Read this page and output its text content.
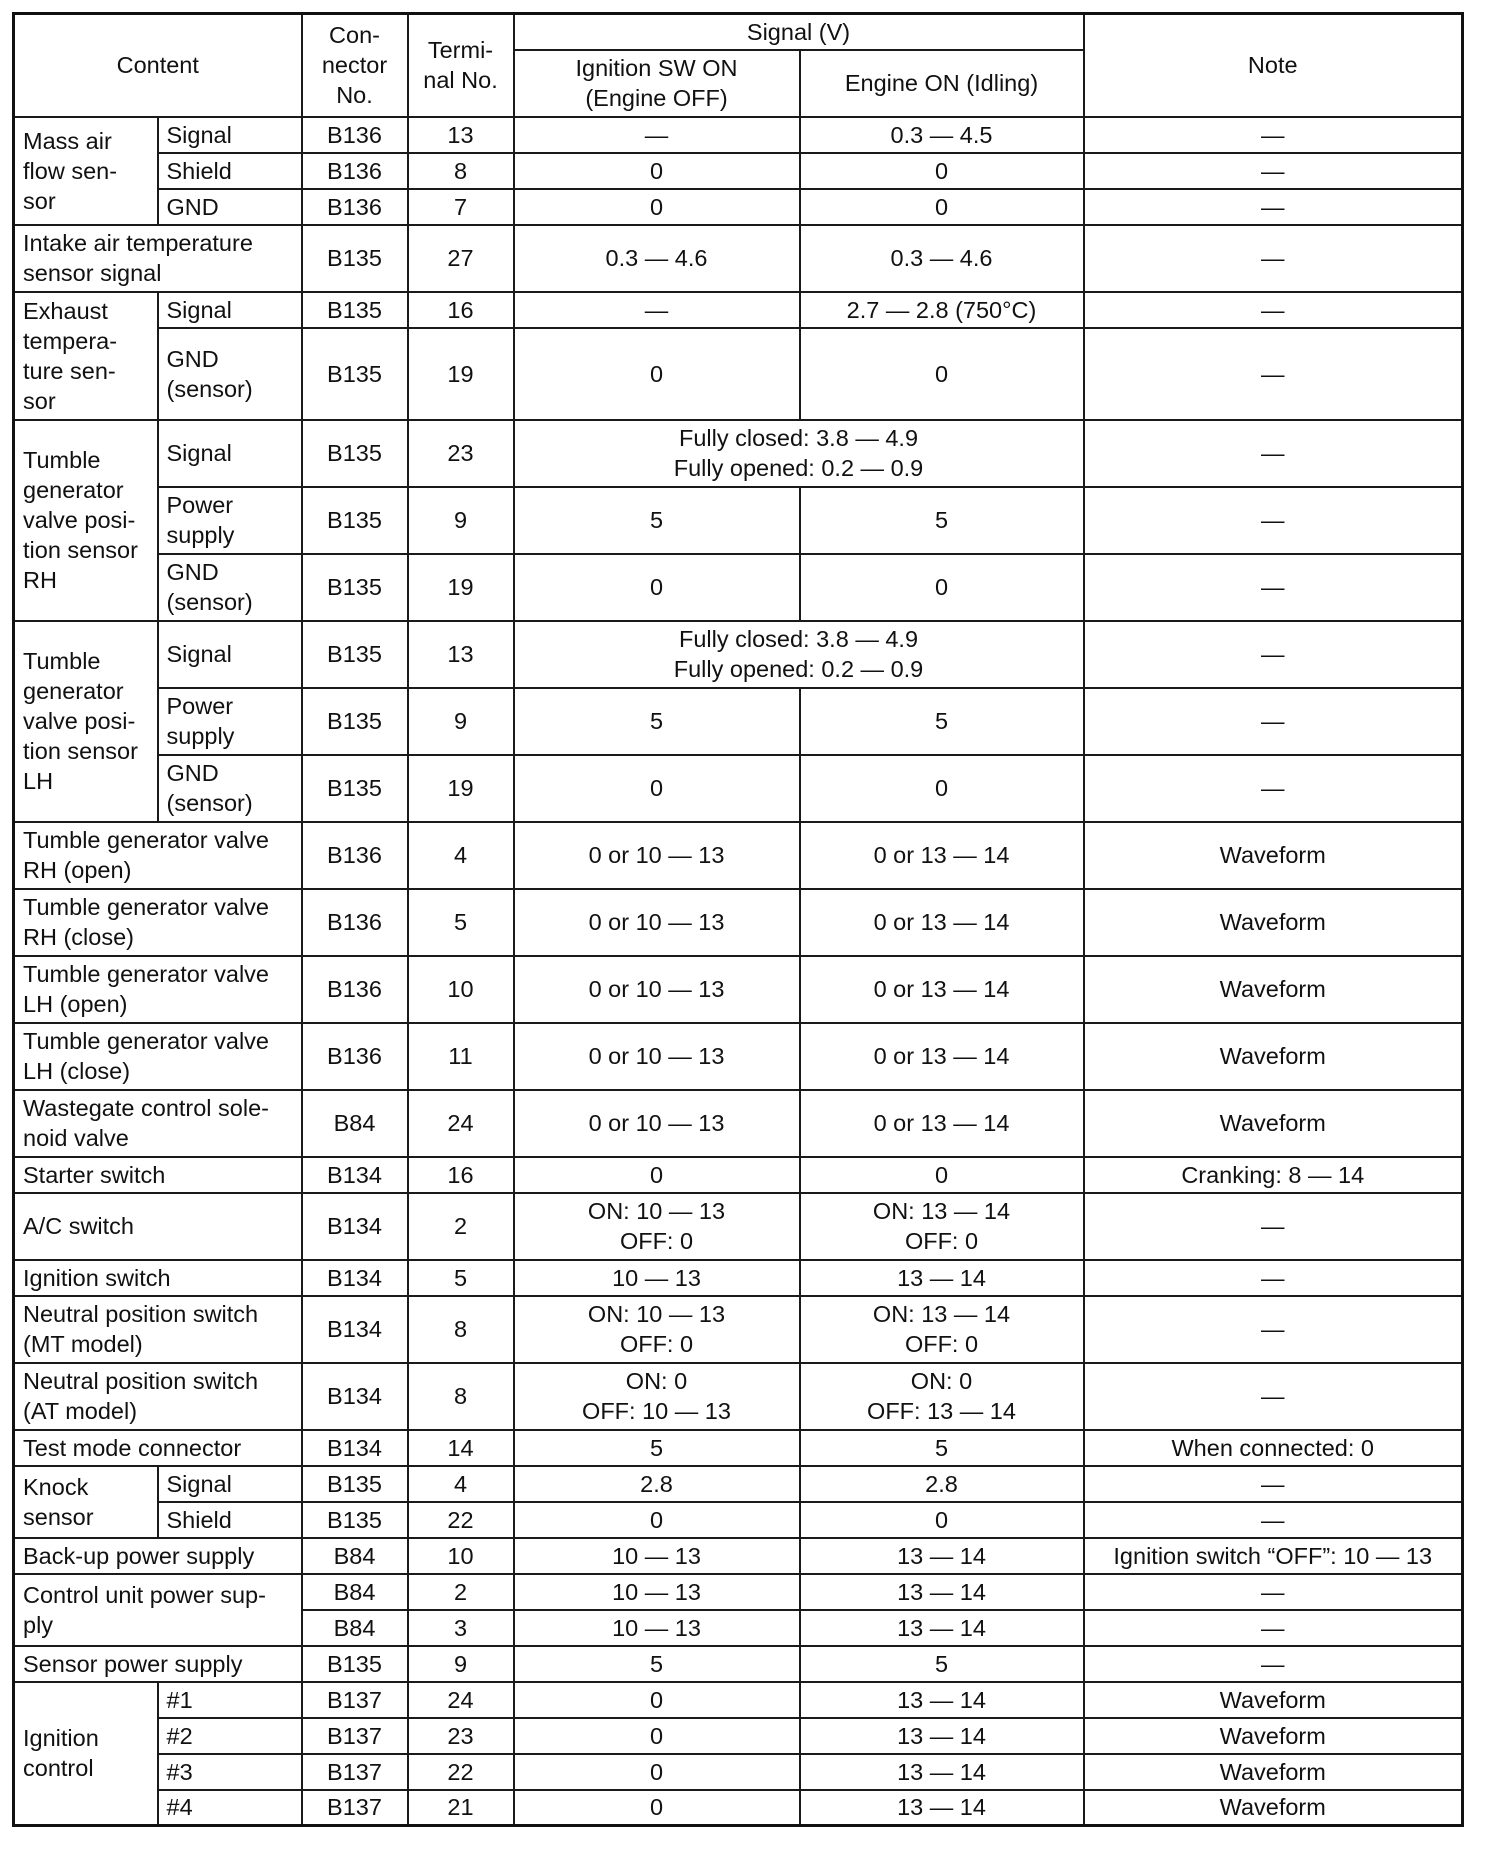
Content		Con-
nector
No.	Termi-
nal No.	Signal (V)		Note
				Ignition SW ON
(Engine OFF)	Engine ON (Idling)	
Mass air
flow sen-
sor	Signal	B136	13	—	0.3 — 4.5	—
	Shield	B136	8	0	0	—
	GND	B136	7	0	0	—
Intake air temperature
sensor signal		B135	27	0.3 — 4.6	0.3 — 4.6	—
Exhaust
tempera-
ture sen-
sor	Signal	B135	16	—	2.7 — 2.8 (750°C)	—
	GND
(sensor)	B135	19	0	0	—
Tumble
generator
valve posi-
tion sensor
RH	Signal	B135	23	Fully closed: 3.8 — 4.9
Fully opened: 0.2 — 0.9		—
	Power
supply	B135	9	5	5	—
	GND
(sensor)	B135	19	0	0	—
Tumble
generator
valve posi-
tion sensor
LH	Signal	B135	13	Fully closed: 3.8 — 4.9
Fully opened: 0.2 — 0.9		—
	Power
supply	B135	9	5	5	—
	GND
(sensor)	B135	19	0	0	—
Tumble generator valve
RH (open)		B136	4	0 or 10 — 13	0 or 13 — 14	Waveform
Tumble generator valve
RH (close)		B136	5	0 or 10 — 13	0 or 13 — 14	Waveform
Tumble generator valve
LH (open)		B136	10	0 or 10 — 13	0 or 13 — 14	Waveform
Tumble generator valve
LH (close)		B136	11	0 or 10 — 13	0 or 13 — 14	Waveform
Wastegate control sole-
noid valve		B84	24	0 or 10 — 13	0 or 13 — 14	Waveform
Starter switch		B134	16	0	0	Cranking: 8 — 14
A/C switch		B134	2	ON: 10 — 13
OFF: 0	ON: 13 — 14
OFF: 0	—
Ignition switch		B134	5	10 — 13	13 — 14	—
Neutral position switch
(MT model)		B134	8	ON: 10 — 13
OFF: 0	ON: 13 — 14
OFF: 0	—
Neutral position switch
(AT model)		B134	8	ON: 0
OFF: 10 — 13	ON: 0
OFF: 13 — 14	—
Test mode connector		B134	14	5	5	When connected: 0
Knock
sensor	Signal	B135	4	2.8	2.8	—
	Shield	B135	22	0	0	—
Back-up power supply		B84	10	10 — 13	13 — 14	Ignition switch “OFF”: 10 — 13
Control unit power sup-
ply		B84	2	10 — 13	13 — 14	—
		B84	3	10 — 13	13 — 14	—
Sensor power supply		B135	9	5	5	—
Ignition
control	#1	B137	24	0	13 — 14	Waveform
	#2	B137	23	0	13 — 14	Waveform
	#3	B137	22	0	13 — 14	Waveform
	#4	B137	21	0	13 — 14	Waveform
